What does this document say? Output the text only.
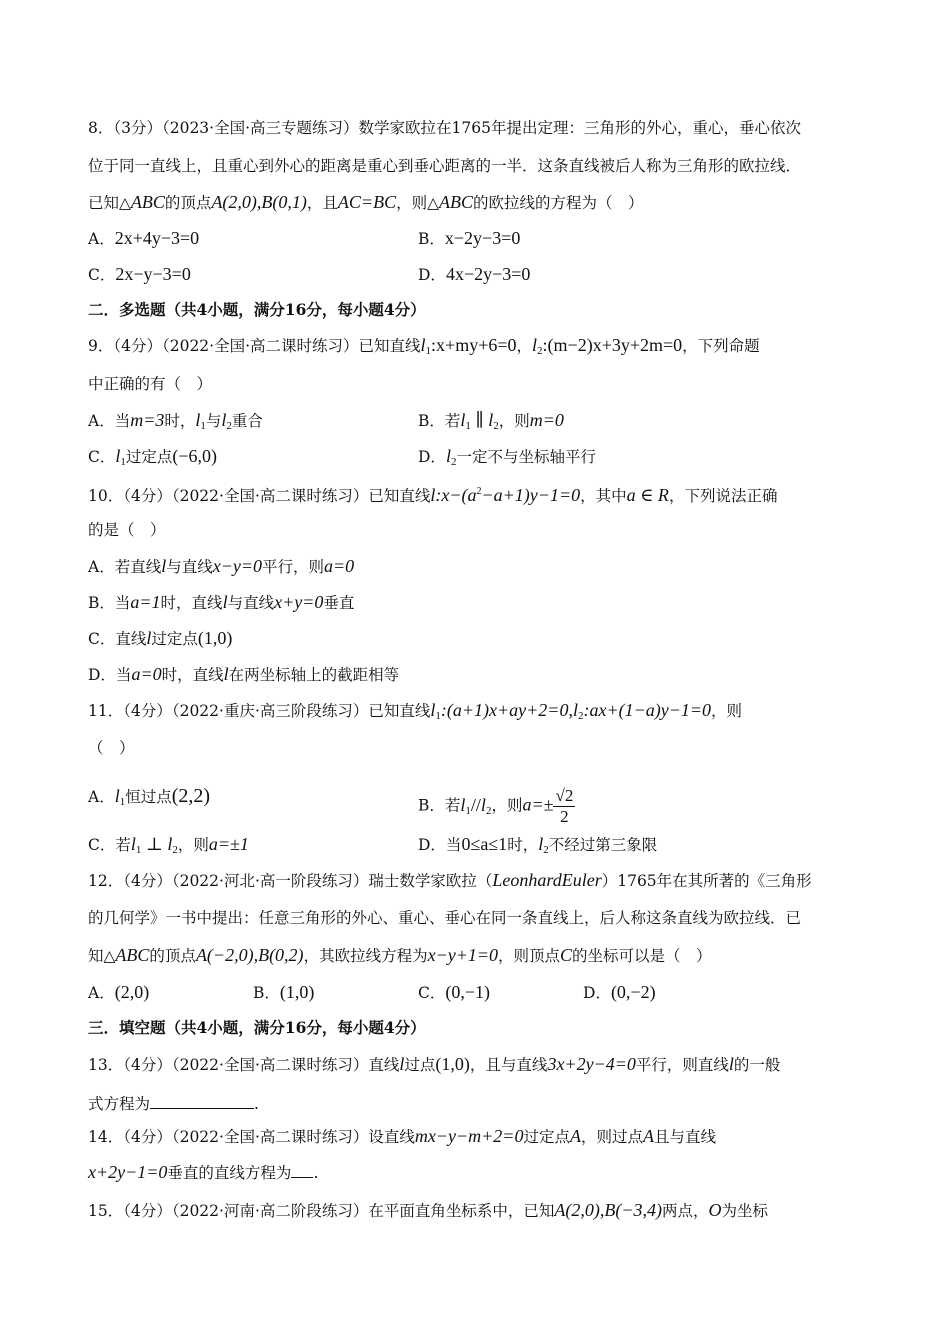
8．（3分）（2023·全国·高三专题练习）数学家欧拉在1765年提出定理：三角形的外心，重心，垂心依次
位于同一直线上，且重心到外心的距离是重心到垂心距离的一半．这条直线被后人称为三角形的欧拉线．
已知△ABC的顶点A(2,0),B(0,1)，且AC=BC，则△ABC的欧拉线的方程为（　）
A．2x+4y−3=0	B．x−2y−3=0
C．2x−y−3=0	D．4x−2y−3=0
二．多选题（共4小题，满分16分，每小题4分）
9．（4分）（2022·全国·高二课时练习）已知直线$l_1:x+my+6=0$，$l_2:(m-2)x+3y+2m=0$，下列命题
中正确的有（　）
A．当m=3时，$l_1$与$l_2$重合	B．若$l_1$ ∥ $l_2$，则m=0
C．$l_1$过定点(−6,0)	D．$l_2$一定不与坐标轴平行
10．（4分）（2022·全国·高二课时练习）已知直线$l:x-(a^2-a+1)y-1=0$，其中a ∈ R，下列说法正确
的是（　）
A．若直线l与直线x−y=0平行，则a=0
B．当a=1时，直线l与直线x+y=0垂直
C．直线l过定点(1,0)
D．当a=0时，直线l在两坐标轴上的截距相等
11．（4分）（2022·重庆·高三阶段练习）已知直线$l_1:(a+1)x+ay+2=0,l_2:ax+(1-a)y-1=0$，则
（　）
A．$l_1$恒过点(2,2)	B．若$l_1//l_2$，则$a=\pm \frac{√2}{2}$
C．若$l_1$ ⊥ $l_2$，则a=±1	D．当0≤a≤1时，$l_2$不经过第三象限
12．（4分）（2022·河北·高一阶段练习）瑞士数学家欧拉（LeonhardEuler）1765年在其所著的《三角形
的几何学》一书中提出：任意三角形的外心、重心、垂心在同一条直线上，后人称这条直线为欧拉线．已
知△ABC的顶点A(−2,0),B(0,2)，其欧拉线方程为x−y+1=0，则顶点C的坐标可以是（　）
A．(2,0)	B．(1,0)	C．(0,−1)	D．(0,−2)
三．填空题（共4小题，满分16分，每小题4分）
13．（4分）（2022·全国·高二课时练习）直线l过点(1,0)，且与直线3x+2y−4=0平行，则直线l的一般
式方程为	.
14．（4分）（2022·全国·高二课时练习）设直线mx−y−m+2=0过定点A，则过点A且与直线
x+2y−1=0垂直的直线方程为 .
15．（4分）（2022·河南·高二阶段练习）在平面直角坐标系中，已知A(2,0),B(−3,4)两点，O为坐标
